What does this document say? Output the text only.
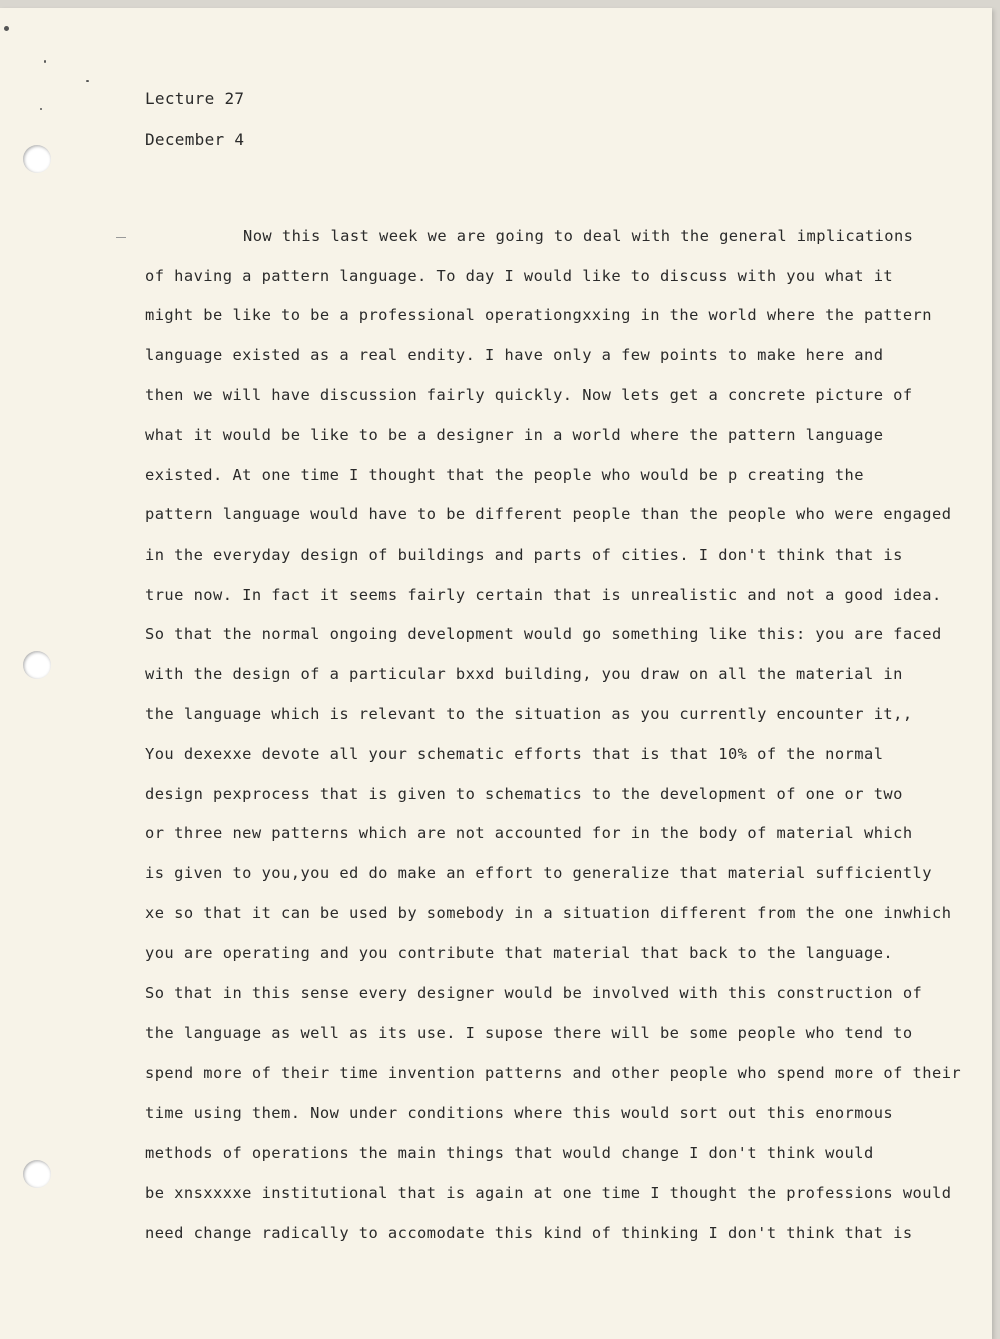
Lecture 27
December 4
Now this last week we are going to deal with the general implications
of having a pattern language. To day I would like to discuss with you what it
might be like to be a professional operationgxxing in the world where the pattern
language existed as a real endity. I have only a few points to make here and
then we will have discussion fairly quickly. Now lets get a concrete picture of
what it would be like to be a designer in a world where the pattern language
existed. At one time I thought that the people who would be p creating the
pattern language would have to be different people than the people who were engaged
in the everyday design of buildings and parts of cities. I don't think that is
true now. In fact it seems fairly certain that is unrealistic and not a good idea.
So that the normal ongoing development would go something like this: you are faced
with the design of a particular bxxd building, you draw on all the material in
the language which is relevant to the situation as you currently encounter it,,
You dexexxe devote all your schematic efforts that is that 10% of the normal
design pexprocess that is given to schematics to the development of one or two
or three new patterns which are not accounted for in the body of material which
is given to you,you ed do make an effort to generalize that material sufficiently
xe so that it can be used by somebody in a situation different from the one inwhich
you are operating and you contribute that material that back to the language.
So that in this sense every designer would be involved with this construction of
the language as well as its use. I supose there will be some people who tend to
spend more of their time invention patterns and other people who spend more of their
time using them. Now under conditions where this would sort out this enormous
methods of operations the main things that would change I don't think would
be xnsxxxxe institutional that is again at one time I thought the professions would
need change radically to accomodate this kind of thinking I don't think that is
